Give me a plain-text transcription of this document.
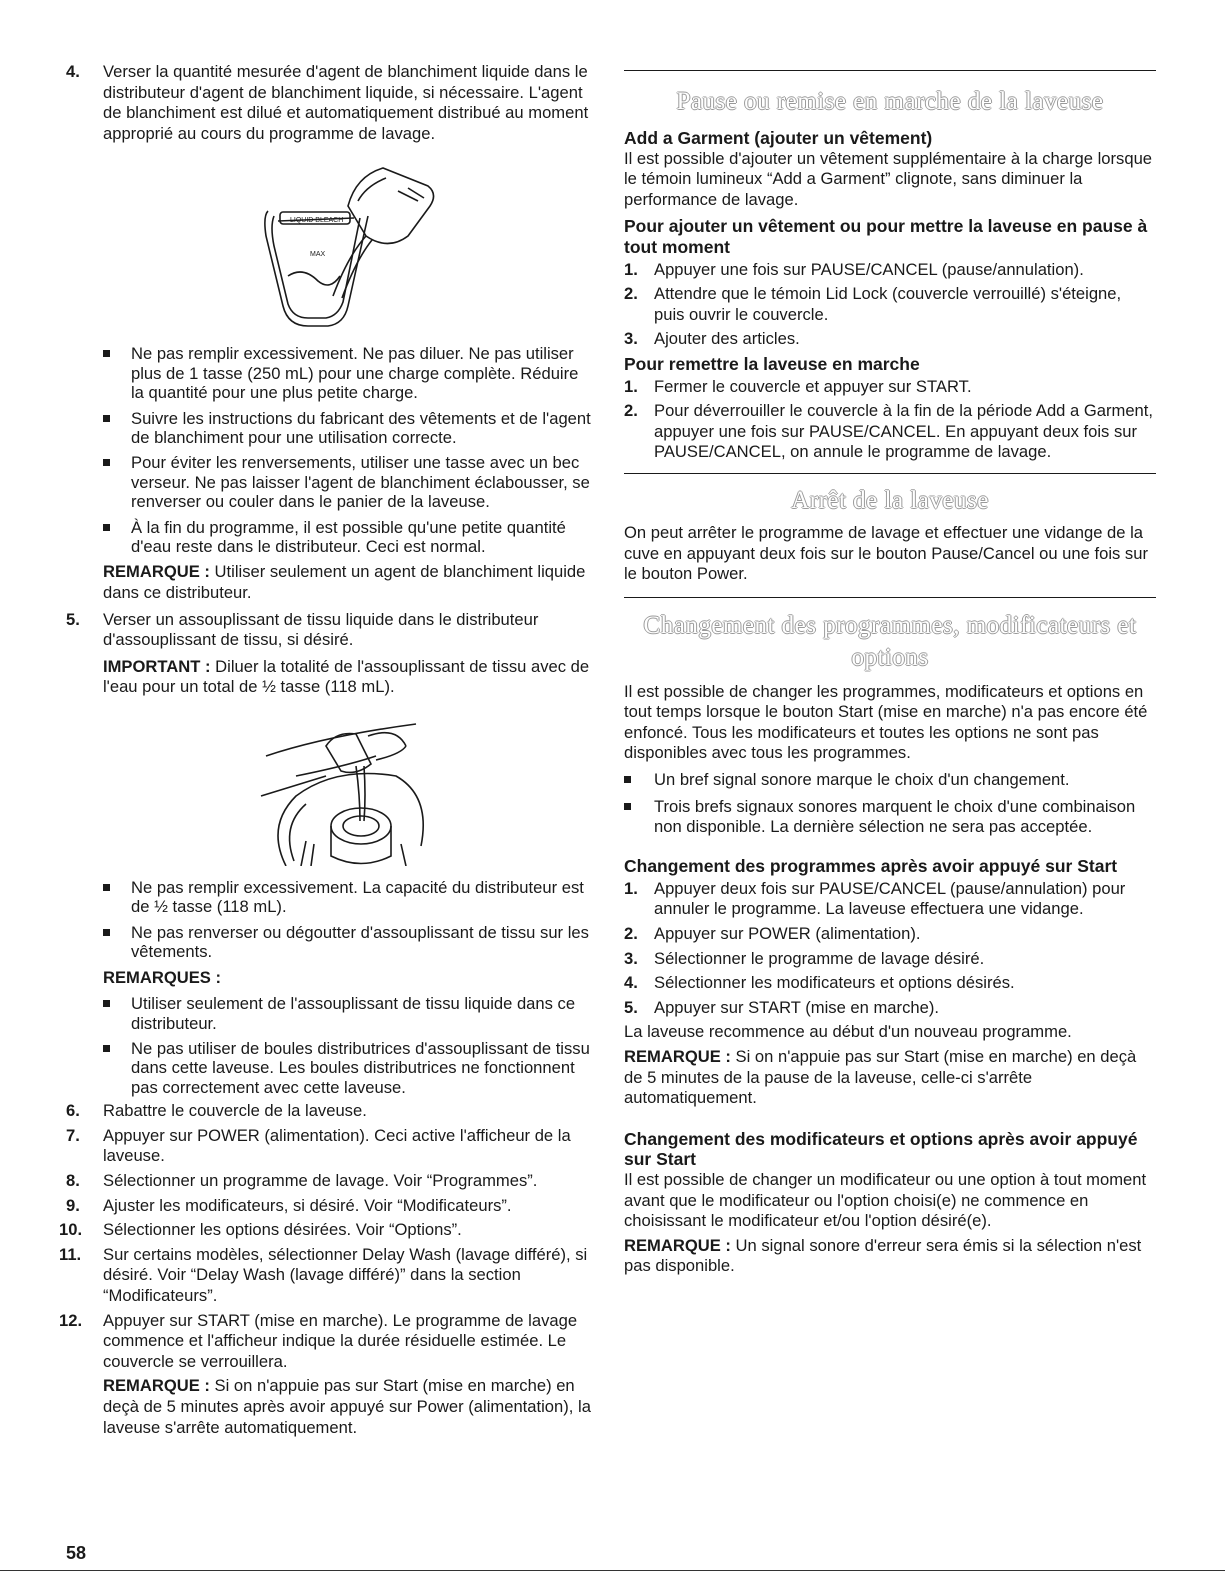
4. Verser la quantité mesurée d'agent de blanchiment liquide dans le distributeur d'agent de blanchiment liquide, si nécessaire. L'agent de blanchiment est dilué et automatiquement distribué au moment approprié au cours du programme de lavage.
LIQUID BLEACH
MAX
Ne pas remplir excessivement. Ne pas diluer. Ne pas utiliser plus de 1 tasse (250 mL) pour une charge complète. Réduire la quantité pour une plus petite charge.
Suivre les instructions du fabricant des vêtements et de l'agent de blanchiment pour une utilisation correcte.
Pour éviter les renversements, utiliser une tasse avec un bec verseur. Ne pas laisser l'agent de blanchiment éclabousser, se renverser ou couler dans le panier de la laveuse.
À la fin du programme, il est possible qu'une petite quantité d'eau reste dans le distributeur. Ceci est normal.

REMARQUE : Utiliser seulement un agent de blanchiment liquide dans ce distributeur.

5. Verser un assouplissant de tissu liquide dans le distributeur d'assouplissant de tissu, si désiré.

IMPORTANT : Diluer la totalité de l'assouplissant de tissu avec de l'eau pour un total de ½ tasse (118 mL).

Ne pas remplir excessivement. La capacité du distributeur est de ½ tasse (118 mL).
Ne pas renverser ou dégoutter d'assouplissant de tissu sur les vêtements.

REMARQUES :

Utiliser seulement de l'assouplissant de tissu liquide dans ce distributeur.
Ne pas utiliser de boules distributrices d'assouplissant de tissu dans cette laveuse. Les boules distributrices ne fonctionnent pas correctement avec cette laveuse.
6. Rabattre le couvercle de la laveuse.
7. Appuyer sur POWER (alimentation). Ceci active l'afficheur de la laveuse.
8. Sélectionner un programme de lavage. Voir “Programmes”.
9. Ajuster les modificateurs, si désiré. Voir “Modificateurs”.
10. Sélectionner les options désirées. Voir “Options”.
11. Sur certains modèles, sélectionner Delay Wash (lavage différé), si désiré. Voir “Delay Wash (lavage différé)” dans la section “Modificateurs”.
12. Appuyer sur START (mise en marche). Le programme de lavage commence et l'afficheur indique la durée résiduelle estimée. Le couvercle se verrouillera.

REMARQUE : Si on n'appuie pas sur Start (mise en marche) en deçà de 5 minutes après avoir appuyé sur Power (alimentation), la laveuse s'arrête automatiquement.

Pause ou remise en marche de la laveuse

Add a Garment (ajouter un vêtement)

Il est possible d'ajouter un vêtement supplémentaire à la charge lorsque le témoin lumineux “Add a Garment” clignote, sans diminuer la performance de lavage.

Pour ajouter un vêtement ou pour mettre la laveuse en pause à tout moment

1. Appuyer une fois sur PAUSE/CANCEL (pause/annulation).
2. Attendre que le témoin Lid Lock (couvercle verrouillé) s'éteigne, puis ouvrir le couvercle.
3. Ajouter des articles.

Pour remettre la laveuse en marche

1. Fermer le couvercle et appuyer sur START.
2. Pour déverrouiller le couvercle à la fin de la période Add a Garment, appuyer une fois sur PAUSE/CANCEL. En appuyant deux fois sur PAUSE/CANCEL, on annule le programme de lavage.
Arrêt de la laveuse

On peut arrêter le programme de lavage et effectuer une vidange de la cuve en appuyant deux fois sur le bouton Pause/Cancel ou une fois sur le bouton Power.

Changement des programmes, modificateurs et options

Il est possible de changer les programmes, modificateurs et options en tout temps lorsque le bouton Start (mise en marche) n'a pas encore été enfoncé. Tous les modificateurs et toutes les options ne sont pas disponibles avec tous les programmes.

Un bref signal sonore marque le choix d'un changement.
Trois brefs signaux sonores marquent le choix d'une combinaison non disponible. La dernière sélection ne sera pas acceptée.

Changement des programmes après avoir appuyé sur Start

1. Appuyer deux fois sur PAUSE/CANCEL (pause/annulation) pour annuler le programme. La laveuse effectuera une vidange.
2. Appuyer sur POWER (alimentation).
3. Sélectionner le programme de lavage désiré.
4. Sélectionner les modificateurs et options désirés.
5. Appuyer sur START (mise en marche).

La laveuse recommence au début d'un nouveau programme.

REMARQUE : Si on n'appuie pas sur Start (mise en marche) en deçà de 5 minutes de la pause de la laveuse, celle-ci s'arrête automatiquement.

Changement des modificateurs et options après avoir appuyé sur Start

Il est possible de changer un modificateur ou une option à tout moment avant que le modificateur ou l'option choisi(e) ne commence en choisissant le modificateur et/ou l'option désiré(e).

REMARQUE : Un signal sonore d'erreur sera émis si la sélection n'est pas disponible.

58
